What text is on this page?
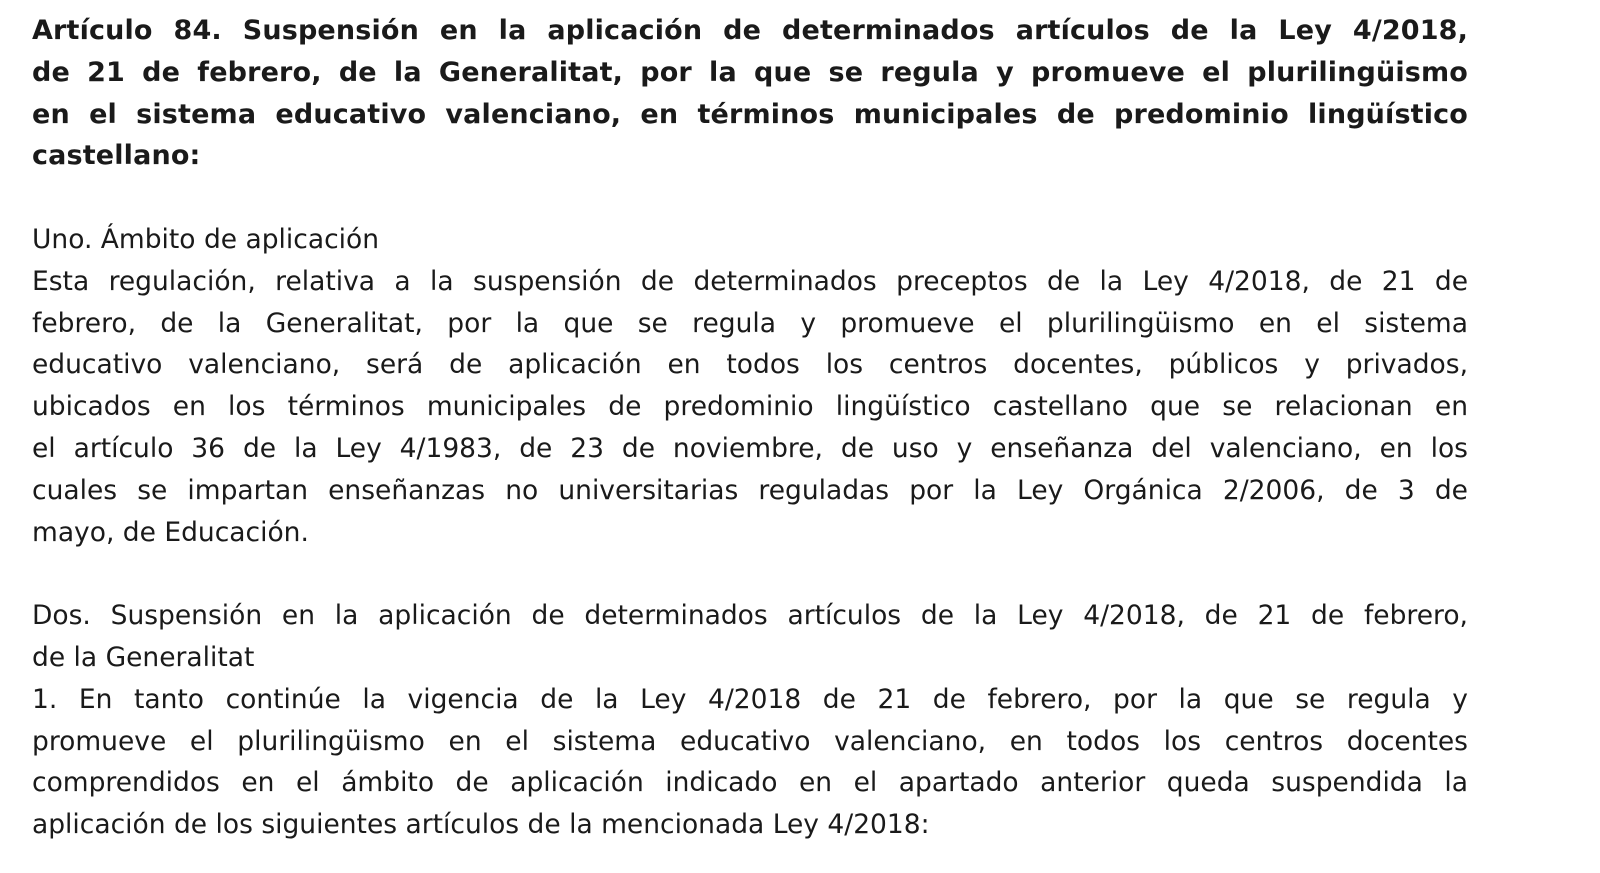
Artículo 84. Suspensión en la aplicación de determinados artículos de la Ley 4/2018,
de 21 de febrero, de la Generalitat, por la que se regula y promueve el plurilingüismo
en el sistema educativo valenciano, en términos municipales de predominio lingüístico
castellano:
Uno. Ámbito de aplicación
Esta regulación, relativa a la suspensión de determinados preceptos de la Ley 4/2018, de 21 de
febrero, de la Generalitat, por la que se regula y promueve el plurilingüismo en el sistema
educativo valenciano, será de aplicación en todos los centros docentes, públicos y privados,
ubicados en los términos municipales de predominio lingüístico castellano que se relacionan en
el artículo 36 de la Ley 4/1983, de 23 de noviembre, de uso y enseñanza del valenciano, en los
cuales se impartan enseñanzas no universitarias reguladas por la Ley Orgánica 2/2006, de 3 de
mayo, de Educación.
Dos. Suspensión en la aplicación de determinados artículos de la Ley 4/2018, de 21 de febrero,
de la Generalitat
1. En tanto continúe la vigencia de la Ley 4/2018 de 21 de febrero, por la que se regula y
promueve el plurilingüismo en el sistema educativo valenciano, en todos los centros docentes
comprendidos en el ámbito de aplicación indicado en el apartado anterior queda suspendida la
aplicación de los siguientes artículos de la mencionada Ley 4/2018:
